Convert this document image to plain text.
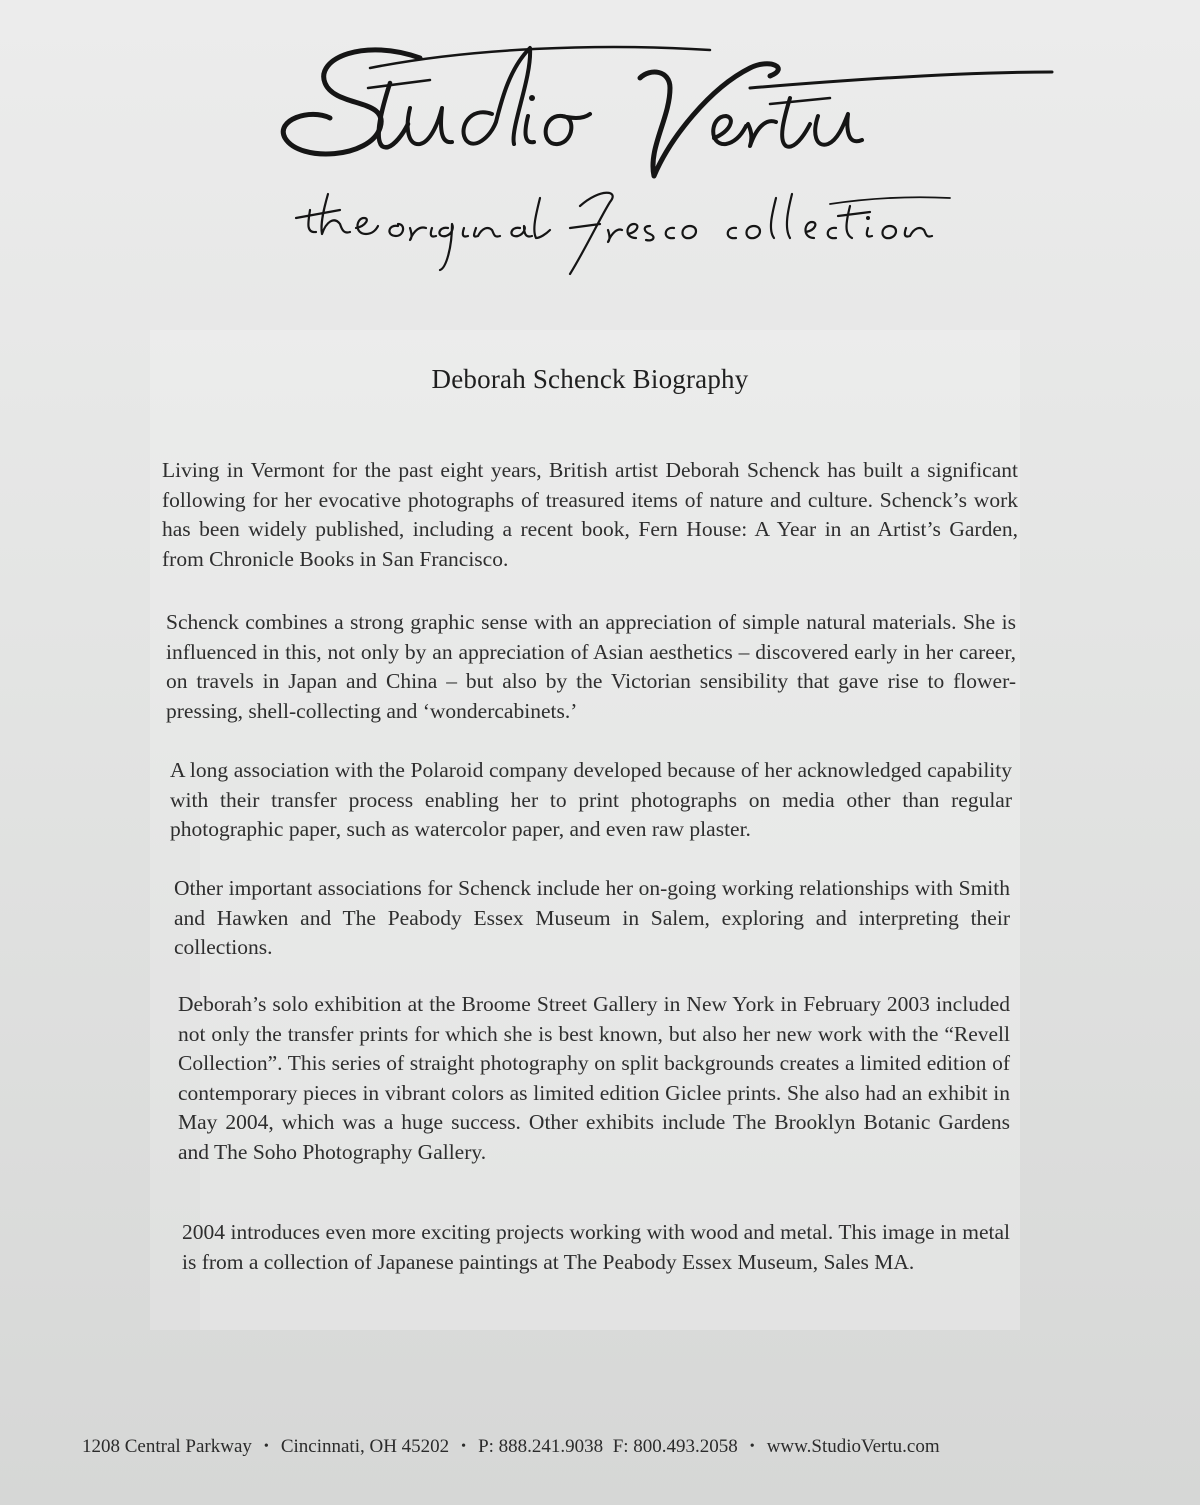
Deborah Schenck Biography

Living in Vermont for the past eight years, British artist Deborah Schenck has built a significant following for her evocative photographs of treasured items of nature and culture. Schenck’s work has been widely published, including a recent book, Fern House: A Year in an Artist’s Garden, from Chronicle Books in San Francisco.

Schenck combines a strong graphic sense with an appreciation of simple natural materials. She is influenced in this, not only by an appreciation of Asian aesthetics – discovered early in her career, on travels in Japan and China – but also by the Victorian sensibility that gave rise to flower-pressing, shell-collecting and ‘wondercabinets.’

A long association with the Polaroid company developed because of her acknowledged capability with their transfer process enabling her to print photographs on media other than regular photographic paper, such as watercolor paper, and even raw plaster.

Other important associations for Schenck include her on-going working relationships with Smith and Hawken and The Peabody Essex Museum in Salem, exploring and interpreting their collections.

Deborah’s solo exhibition at the Broome Street Gallery in New York in February 2003 included not only the transfer prints for which she is best known, but also her new work with the “Revell Collection”. This series of straight photography on split backgrounds creates a limited edition of contemporary pieces in vibrant colors as limited edition Giclee prints. She also had an exhibit in May 2004, which was a huge success. Other exhibits include The Brooklyn Botanic Gardens and The Soho Photography Gallery.

2004 introduces even more exciting projects working with wood and metal. This image in metal is from a collection of Japanese paintings at The Peabody Essex Museum, Sales MA.

1208 Central Parkway • Cincinnati, OH 45202 • P: 888.241.9038 F: 800.493.2058 • www.StudioVertu.com
